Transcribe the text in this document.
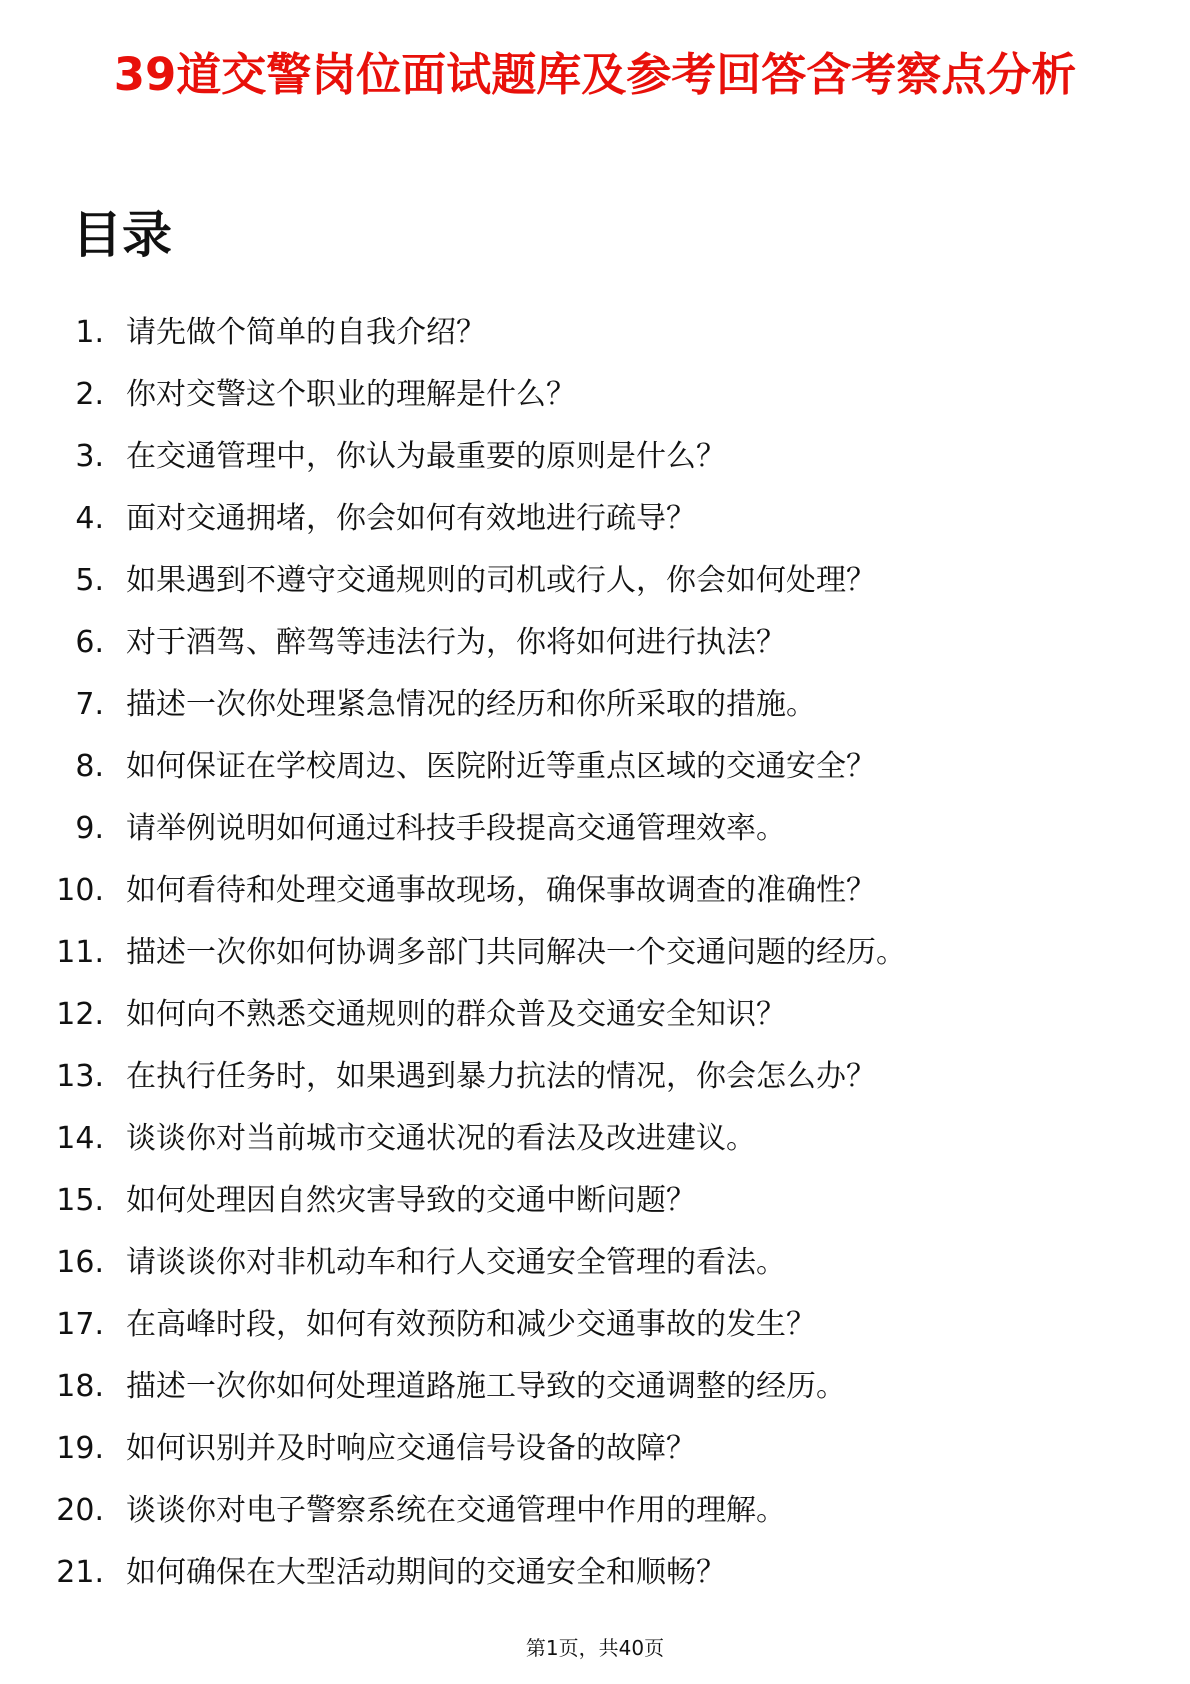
39道交警岗位面试题库及参考回答含考察点分析
目录
1. 请先做个简单的自我介绍？
2. 你对交警这个职业的理解是什么？
3. 在交通管理中，你认为最重要的原则是什么？
4. 面对交通拥堵，你会如何有效地进行疏导？
5. 如果遇到不遵守交通规则的司机或行人，你会如何处理？
6. 对于酒驾、醉驾等违法行为，你将如何进行执法？
7. 描述一次你处理紧急情况的经历和你所采取的措施。
8. 如何保证在学校周边、医院附近等重点区域的交通安全？
9. 请举例说明如何通过科技手段提高交通管理效率。
10. 如何看待和处理交通事故现场，确保事故调查的准确性？
11. 描述一次你如何协调多部门共同解决一个交通问题的经历。
12. 如何向不熟悉交通规则的群众普及交通安全知识？
13. 在执行任务时，如果遇到暴力抗法的情况，你会怎么办？
14. 谈谈你对当前城市交通状况的看法及改进建议。
15. 如何处理因自然灾害导致的交通中断问题？
16. 请谈谈你对非机动车和行人交通安全管理的看法。
17. 在高峰时段，如何有效预防和减少交通事故的发生？
18. 描述一次你如何处理道路施工导致的交通调整的经历。
19. 如何识别并及时响应交通信号设备的故障？
20. 谈谈你对电子警察系统在交通管理中作用的理解。
21. 如何确保在大型活动期间的交通安全和顺畅？
第1页，共40页
